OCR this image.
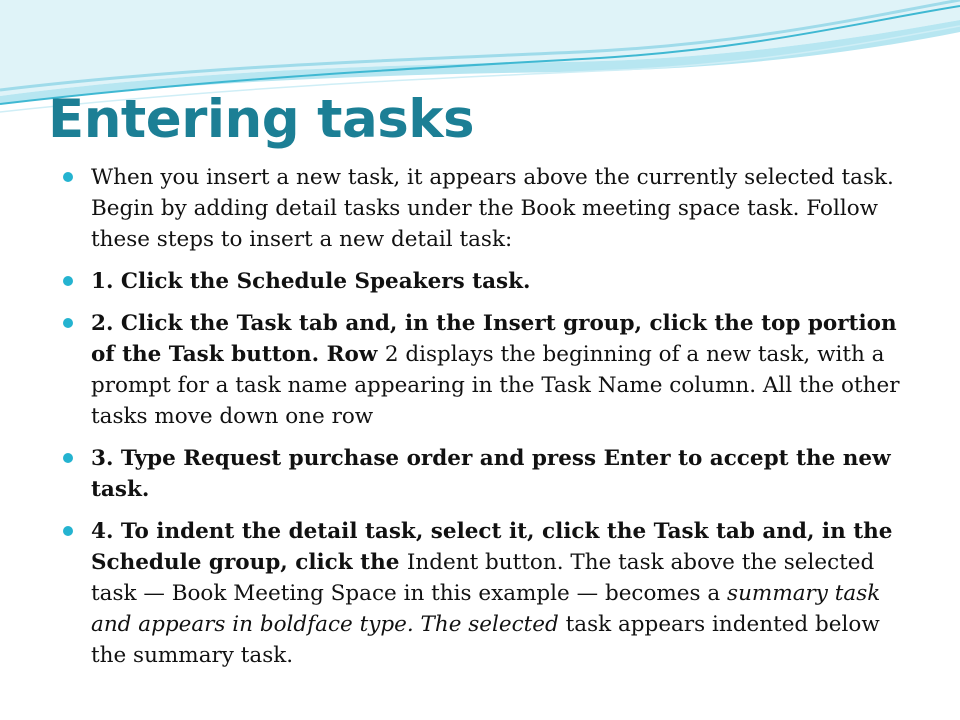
Entering tasks
When you insert a new task, it appears above the currently selected task. Begin by adding detail tasks under the Book meeting space task. Follow these steps to insert a new detail task:
1. Click the Schedule Speakers task.
2. Click the Task tab and, in the Insert group, click the top portion of the Task button. Row 2 displays the beginning of a new task, with a prompt for a task name appearing in the Task Name column. All the other tasks move down one row
3. Type Request purchase order and press Enter to accept the new task.
4. To indent the detail task, select it, click the Task tab and, in the Schedule group, click the Indent button. The task above the selected task — Book Meeting Space in this example — becomes a summary task and appears in boldface type. The selected task appears indented below the summary task.
